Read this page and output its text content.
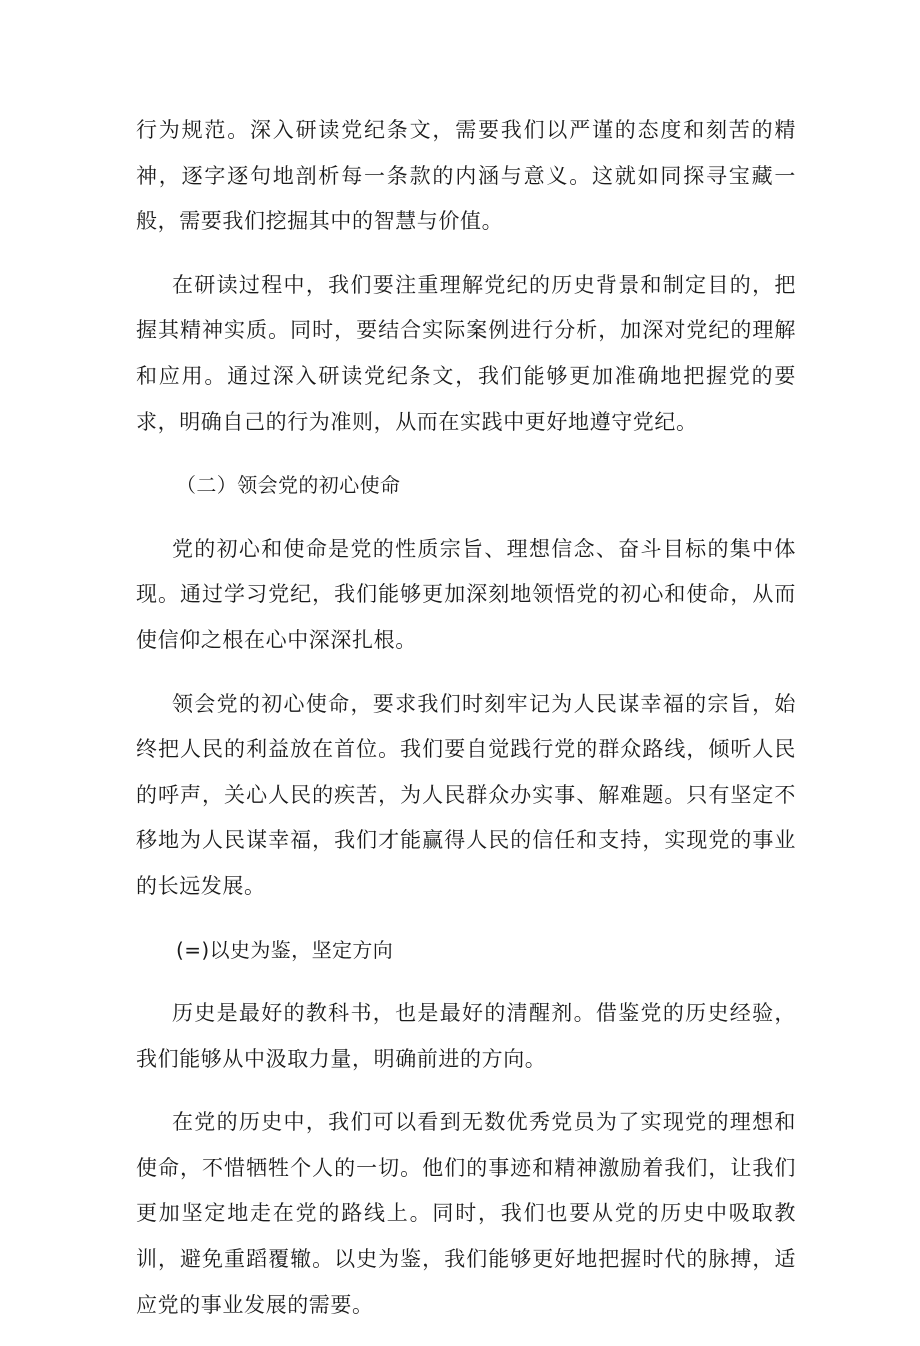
行为规范。深入研读党纪条文，需要我们以严谨的态度和刻苦的精神，逐字逐句地剖析每一条款的内涵与意义。这就如同探寻宝藏一般，需要我们挖掘其中的智慧与价值。

在研读过程中，我们要注重理解党纪的历史背景和制定目的，把握其精神实质。同时，要结合实际案例进行分析，加深对党纪的理解和应用。通过深入研读党纪条文，我们能够更加准确地把握党的要求，明确自己的行为准则，从而在实践中更好地遵守党纪。

（二）领会党的初心使命

党的初心和使命是党的性质宗旨、理想信念、奋斗目标的集中体现。通过学习党纪，我们能够更加深刻地领悟党的初心和使命，从而使信仰之根在心中深深扎根。

领会党的初心使命，要求我们时刻牢记为人民谋幸福的宗旨，始终把人民的利益放在首位。我们要自觉践行党的群众路线，倾听人民的呼声，关心人民的疾苦，为人民群众办实事、解难题。只有坚定不移地为人民谋幸福，我们才能赢得人民的信任和支持，实现党的事业的长远发展。

(=)以史为鉴，坚定方向

历史是最好的教科书，也是最好的清醒剂。借鉴党的历史经验，我们能够从中汲取力量，明确前进的方向。

在党的历史中，我们可以看到无数优秀党员为了实现党的理想和使命，不惜牺牲个人的一切。他们的事迹和精神激励着我们，让我们更加坚定地走在党的路线上。同时，我们也要从党的历史中吸取教训，避免重蹈覆辙。以史为鉴，我们能够更好地把握时代的脉搏，适应党的事业发展的需要。
